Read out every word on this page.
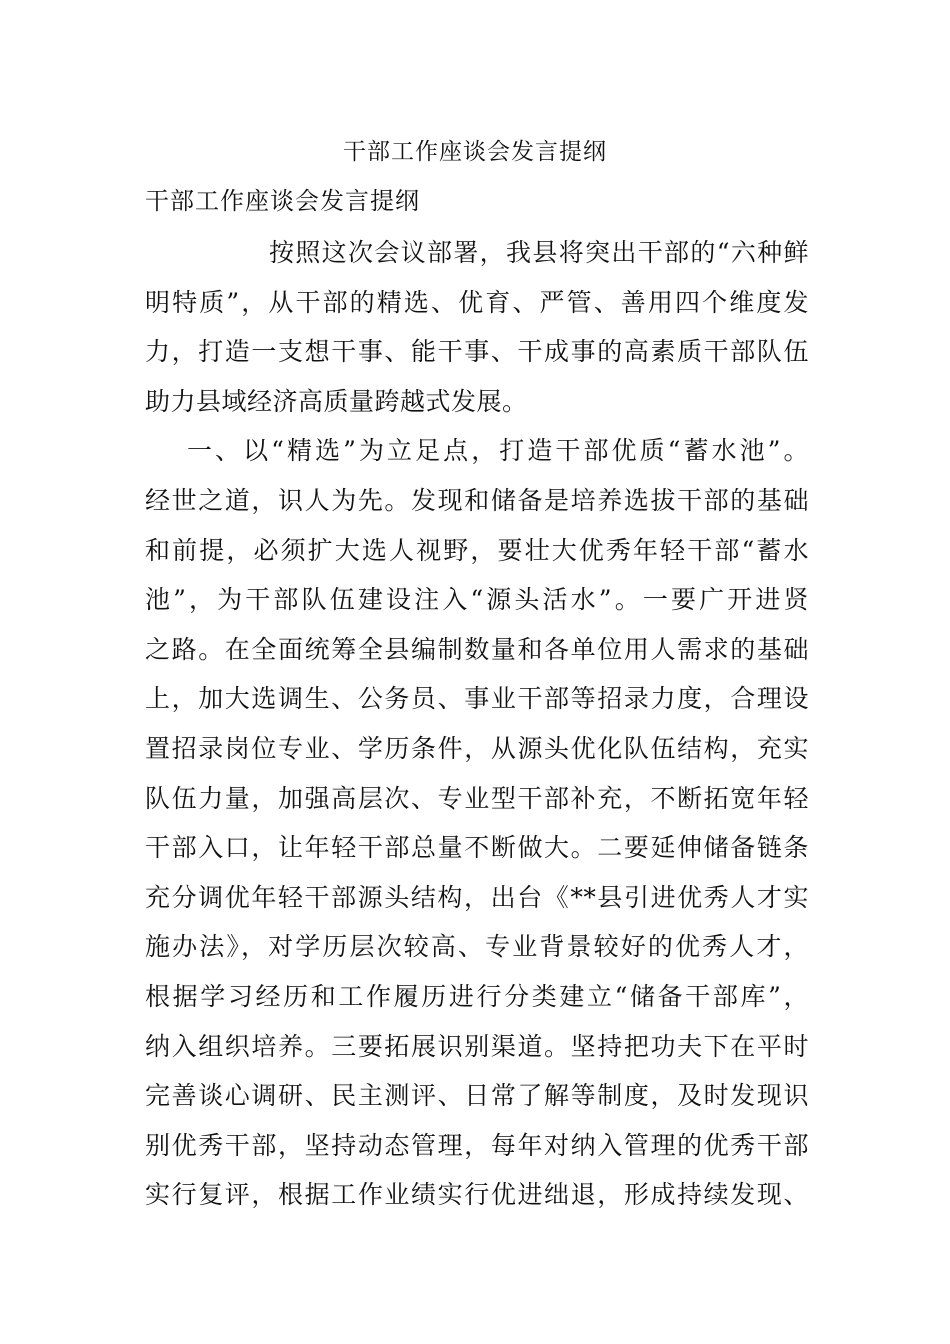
干部工作座谈会发言提纲
干部工作座谈会发言提纲
按照这次会议部署，我县将突出干部的“六种鲜
明特质”，从干部的精选、优育、严管、善用四个维度发
力，打造一支想干事、能干事、干成事的高素质干部队伍
助力县域经济高质量跨越式发展。
一、以“精选”为立足点，打造干部优质“蓄水池”。
经世之道，识人为先。发现和储备是培养选拔干部的基础
和前提，必须扩大选人视野，要壮大优秀年轻干部“蓄水
池”，为干部队伍建设注入“源头活水”。一要广开进贤
之路。在全面统筹全县编制数量和各单位用人需求的基础
上，加大选调生、公务员、事业干部等招录力度，合理设
置招录岗位专业、学历条件，从源头优化队伍结构，充实
队伍力量，加强高层次、专业型干部补充，不断拓宽年轻
干部入口，让年轻干部总量不断做大。二要延伸储备链条
充分调优年轻干部源头结构，出台《**县引进优秀人才实
施办法》，对学历层次较高、专业背景较好的优秀人才，
根据学习经历和工作履历进行分类建立“储备干部库”，
纳入组织培养。三要拓展识别渠道。坚持把功夫下在平时
完善谈心调研、民主测评、日常了解等制度，及时发现识
别优秀干部，坚持动态管理，每年对纳入管理的优秀干部
实行复评，根据工作业绩实行优进绌退，形成持续发现、
